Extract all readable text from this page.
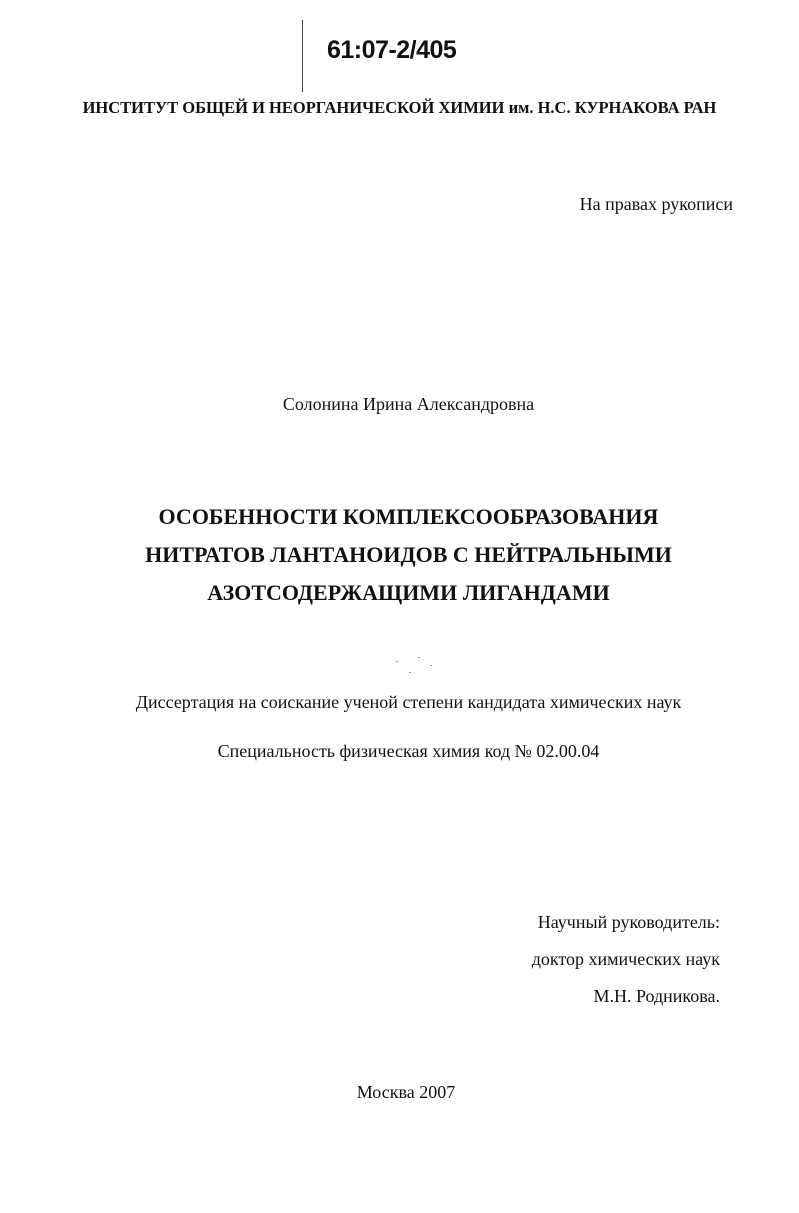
61:07-2/405
ИНСТИТУТ ОБЩЕЙ И НЕОРГАНИЧЕСКОЙ ХИМИИ им. Н.С. КУРНАКОВА РАН
На правах рукописи
Солонина Ирина Александровна
ОСОБЕННОСТИ КОМПЛЕКСООБРАЗОВАНИЯ
НИТРАТОВ ЛАНТАНОИДОВ С НЕЙТРАЛЬНЫМИ
АЗОТСОДЕРЖАЩИМИ ЛИГАНДАМИ
Диссертация на соискание ученой степени кандидата химических наук
Специальность физическая химия код № 02.00.04
Научный руководитель:
доктор химических наук
М.Н. Родникова.
Москва 2007
